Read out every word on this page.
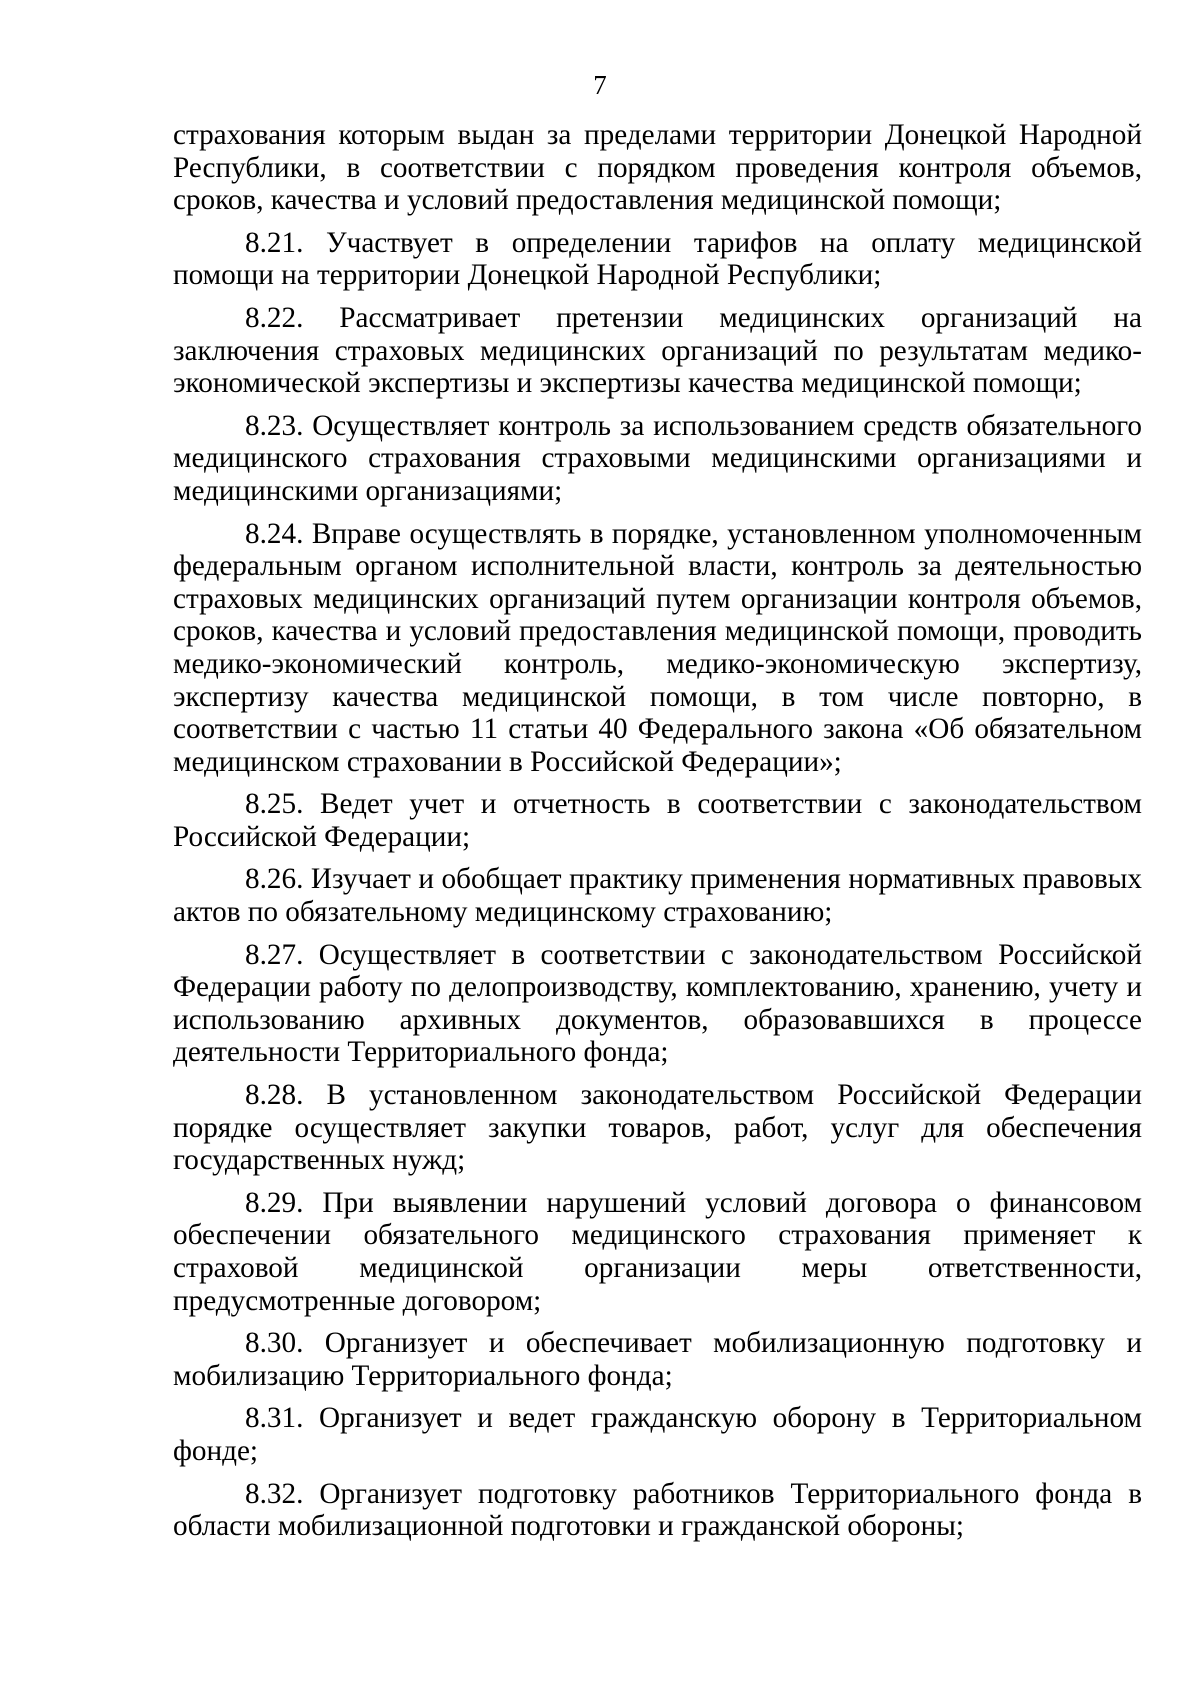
7

страхования которым выдан за пределами территории Донецкой Народной Республики, в соответствии с порядком проведения контроля объемов, сроков, качества и условий предоставления медицинской помощи;

8.21. Участвует в определении тарифов на оплату медицинской помощи на территории Донецкой Народной Республики;

8.22. Рассматривает претензии медицинских организаций на заключения страховых медицинских организаций по результатам медико-экономической экспертизы и экспертизы качества медицинской помощи;

8.23. Осуществляет контроль за использованием средств обязательного медицинского страхования страховыми медицинскими организациями и медицинскими организациями;

8.24. Вправе осуществлять в порядке, установленном уполномоченным федеральным органом исполнительной власти, контроль за деятельностью страховых медицинских организаций путем организации контроля объемов, сроков, качества и условий предоставления медицинской помощи, проводить медико-экономический контроль, медико-экономическую экспертизу, экспертизу качества медицинской помощи, в том числе повторно, в соответствии с частью 11 статьи 40 Федерального закона «Об обязательном медицинском страховании в Российской Федерации»;

8.25. Ведет учет и отчетность в соответствии с законодательством Российской Федерации;

8.26. Изучает и обобщает практику применения нормативных правовых актов по обязательному медицинскому страхованию;

8.27. Осуществляет в соответствии с законодательством Российской Федерации работу по делопроизводству, комплектованию, хранению, учету и использованию архивных документов, образовавшихся в процессе деятельности Территориального фонда;

8.28. В установленном законодательством Российской Федерации порядке осуществляет закупки товаров, работ, услуг для обеспечения государственных нужд;

8.29. При выявлении нарушений условий договора о финансовом обеспечении обязательного медицинского страхования применяет к страховой медицинской организации меры ответственности, предусмотренные договором;

8.30. Организует и обеспечивает мобилизационную подготовку и мобилизацию Территориального фонда;

8.31. Организует и ведет гражданскую оборону в Территориальном фонде;

8.32. Организует подготовку работников Территориального фонда в области мобилизационной подготовки и гражданской обороны;
